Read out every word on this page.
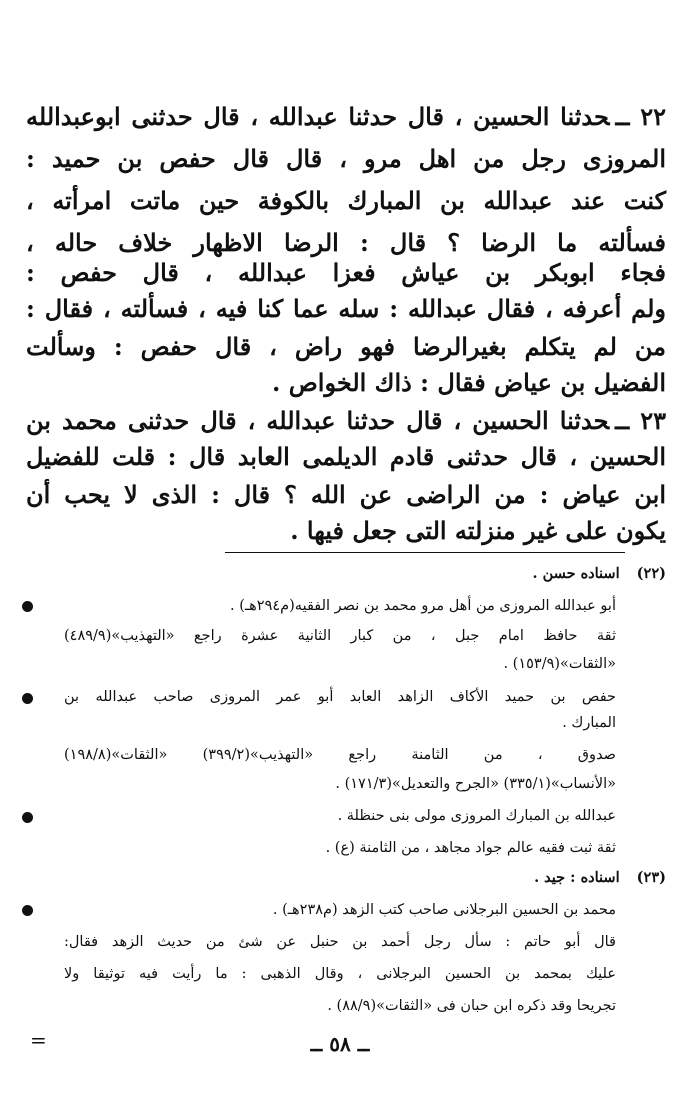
٢٢ ــحدثنا الحسين ، قال حدثنا عبدالله ، قال حدثنى ابوعبدالله
المروزى رجل من اهل مرو ، قال قال حفص بن حميد :
كنت عند عبدالله بن المبارك بالكوفة حين ماتت امرأته ،
فسألته ما الرضا ؟ قال : الرضا الاظهار خلاف حاله ،
فجاء ابوبكر بن عياش فعزا عبدالله ، قال حفص :
ولم أعرفه ، فقال عبدالله : سله عما كنا فيه ، فسألته ، فقال :
من لم يتكلم بغيرالرضا فهو راض ، قال حفص : وسألت
الفضيل بن عياض فقال : ذاك الخواص .
٢٣ ــحدثنا الحسين ، قال حدثنا عبدالله ، قال حدثنى محمد بن
الحسين ، قال حدثنى قادم الديلمى العابد قال : قلت للفضيل
ابن عياض : من الراضى عن الله ؟ قال : الذى لا يحب أن
يكون على غير منزلته التى جعل فيها .
(٢٢) اسناده حسن .
أبو عبدالله المروزى من أهل مرو محمد بن نصر الفقيه(م٢٩٤هـ) .
ثقة حافظ امام جبل ، من كبار الثانية عشرة راجع «التهذيب»(٤٨٩/٩)
«الثقات»(١٥٣/٩) .
حفص بن حميد الأكاف الزاهد العابد أبو عمر المروزى صاحب عبدالله بن
المبارك .
صدوق ، من الثامنة راجع «التهذيب»(٣٩٩/٢) «الثقات»(١٩٨/٨)
«الأنساب»(٣٣٥/١) «الجرح والتعديل»(١٧١/٣) .
عبدالله بن المبارك المروزى مولى بنى حنظلة .
ثقة ثبت فقيه عالم جواد مجاهد ، من الثامنة (ع) .
(٢٣) اسناده : جيد .
محمد بن الحسين البرجلانى صاحب كتب الزهد (م٢٣٨هـ) .
قال أبو حاتم : سأل رجل أحمد بن حنبل عن شئ من حديث الزهد فقال:
عليك بمحمد بن الحسين البرجلانى ، وقال الذهبى : ما رأيت فيه توثيقا ولا
تجريحا وقد ذكره ابن حبان فى «الثقات»(٨٨/٩) .
=	ــ ٥٨ ــ
